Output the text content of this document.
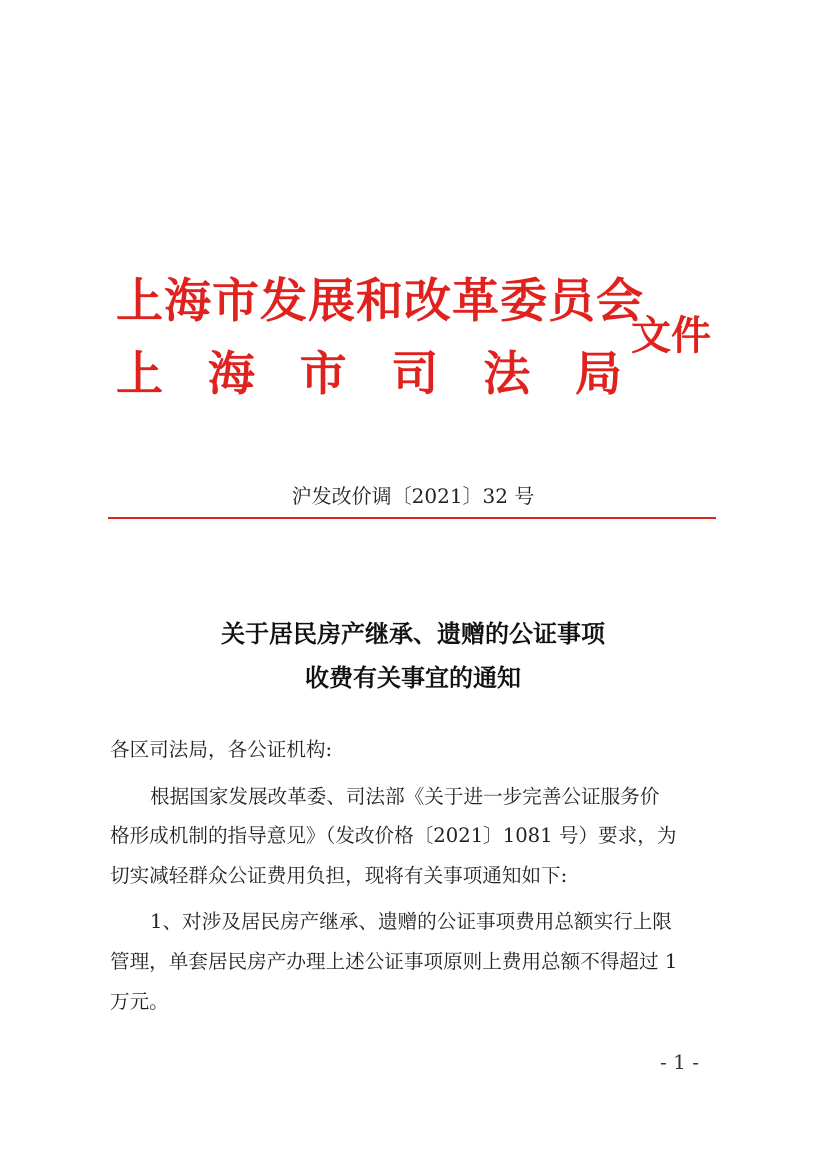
上海市发展和改革委员会
上 海 市 司 法 局
文件
沪发改价调〔2021〕32 号
关于居民房产继承、遗赠的公证事项
收费有关事宜的通知
各区司法局，各公证机构:
根据国家发展改革委、司法部《关于进一步完善公证服务价
格形成机制的指导意见》（发改价格〔2021〕1081 号）要求，为
切实减轻群众公证费用负担，现将有关事项通知如下:
1、对涉及居民房产继承、遗赠的公证事项费用总额实行上限
管理，单套居民房产办理上述公证事项原则上费用总额不得超过 1
万元。
- 1 -
